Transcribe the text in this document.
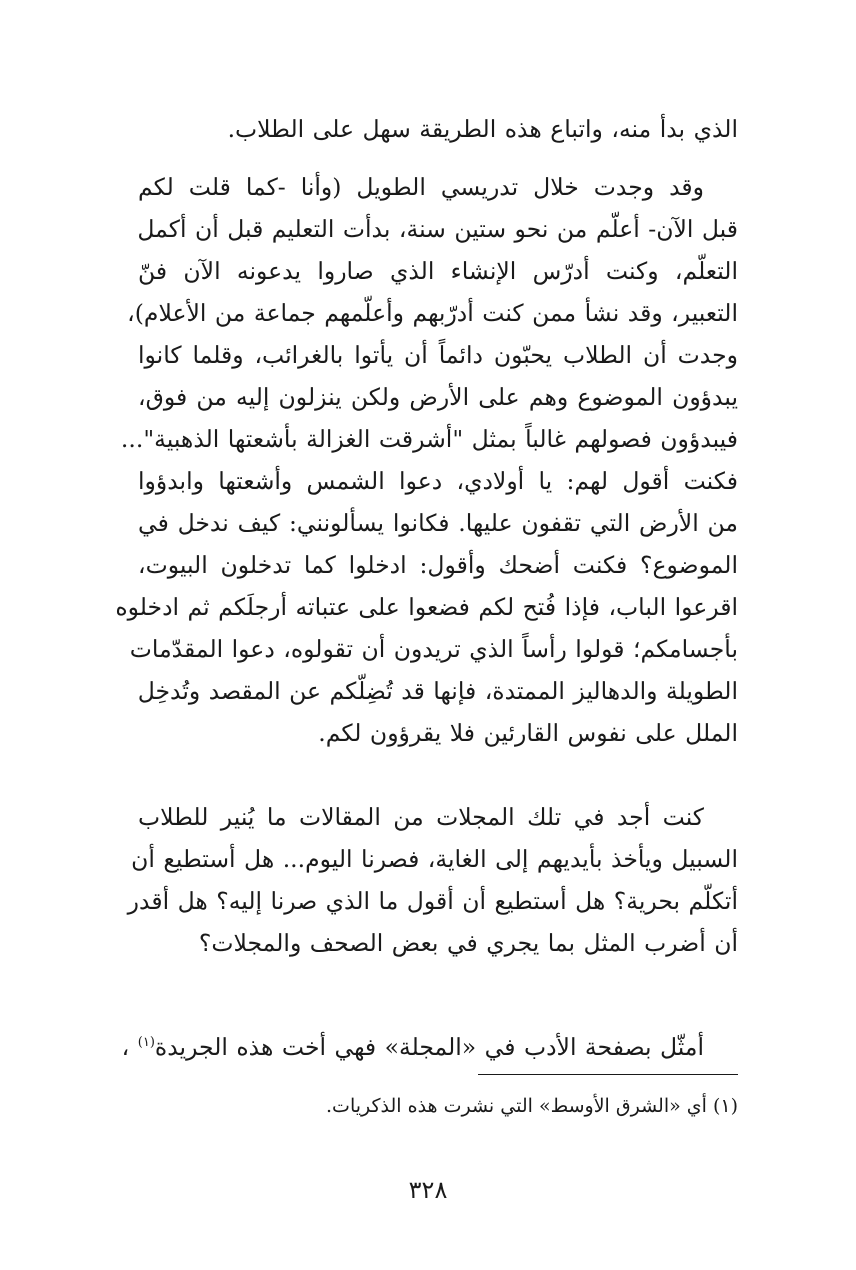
الذي بدأ منه، واتباع هذه الطريقة سهل على الطلاب.
وقد وجدت خلال تدريسي الطويل (وأنا -كما قلت لكم
قبل الآن- أعلّم من نحو ستين سنة، بدأت التعليم قبل أن أكمل
التعلّم، وكنت أدرّس الإنشاء الذي صاروا يدعونه الآن فنّ
التعبير، وقد نشأ ممن كنت أدرّبهم وأعلّمهم جماعة من الأعلام)،
وجدت أن الطلاب يحبّون دائماً أن يأتوا بالغرائب، وقلما كانوا
يبدؤون الموضوع وهم على الأرض ولكن ينزلون إليه من فوق،
فيبدؤون فصولهم غالباً بمثل "أشرقت الغزالة بأشعتها الذهبية"...
فكنت أقول لهم: يا أولادي، دعوا الشمس وأشعتها وابدؤوا
من الأرض التي تقفون عليها. فكانوا يسألونني: كيف ندخل في
الموضوع؟ فكنت أضحك وأقول: ادخلوا كما تدخلون البيوت،
اقرعوا الباب، فإذا فُتح لكم فضعوا على عتباته أرجلَكم ثم ادخلوه
بأجسامكم؛ قولوا رأساً الذي تريدون أن تقولوه، دعوا المقدّمات
الطويلة والدهاليز الممتدة، فإنها قد تُضِلّكم عن المقصد وتُدخِل
الملل على نفوس القارئين فلا يقرؤون لكم.
كنت أجد في تلك المجلات من المقالات ما يُنير للطلاب
السبيل ويأخذ بأيديهم إلى الغاية، فصرنا اليوم... هل أستطيع أن
أتكلّم بحرية؟ هل أستطيع أن أقول ما الذي صرنا إليه؟ هل أقدر
أن أضرب المثل بما يجري في بعض الصحف والمجلات؟
أمثّل بصفحة الأدب في «المجلة» فهي أخت هذه الجريدة$^{(١)}$ ،
(١) أي «الشرق الأوسط» التي نشرت هذه الذكريات.
٣٢٨
